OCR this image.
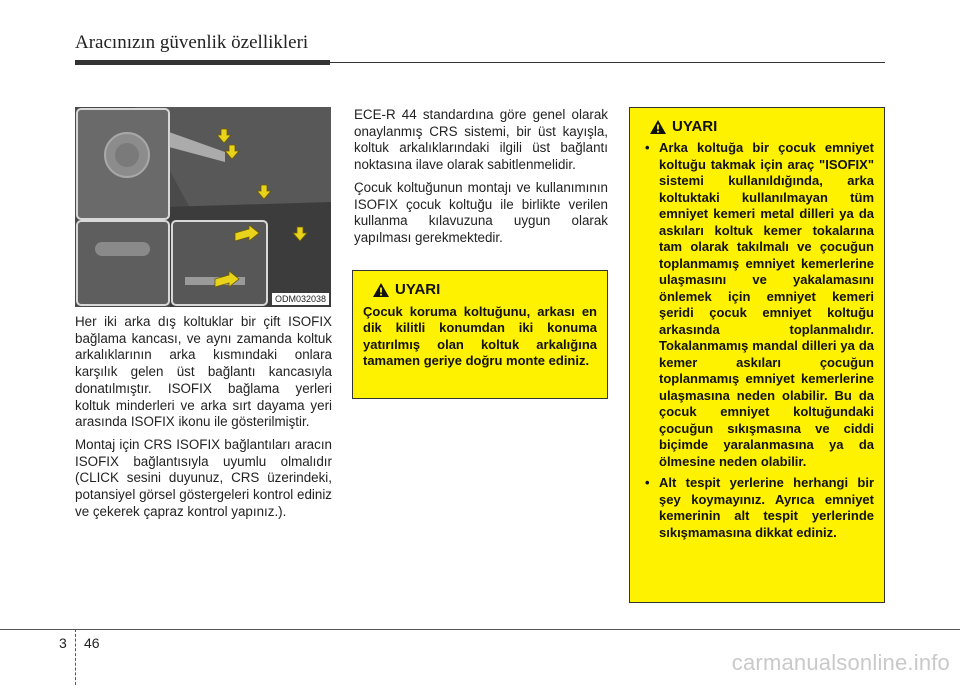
Aracınızın güvenlik özellikleri
ODM032038

Her iki arka dış koltuklar bir çift ISOFIX bağlama kancası, ve aynı zamanda koltuk arkalıklarının arka kısmındaki onlara karşılık gelen üst bağlantı kancasıyla donatılmıştır. ISOFIX bağlama yerleri koltuk minderleri ve arka sırt dayama yeri arasında ISOFIX ikonu ile gösterilmiştir.

Montaj için CRS ISOFIX bağlantıları aracın ISOFIX bağlantısıyla uyumlu olmalıdır (CLICK sesini duyunuz, CRS üzerindeki, potansiyel görsel göstergeleri kontrol ediniz ve çekerek çapraz kontrol yapınız.).

ECE-R 44 standardına göre genel olarak onaylanmış CRS sistemi, bir üst kayışla, koltuk arkalıklarındaki ilgili üst bağlantı noktasına ilave olarak sabitlenmelidir.

Çocuk koltuğunun montajı ve kullanımının ISOFIX çocuk koltuğu ile birlikte verilen kullanma kılavuzuna uygun olarak yapılması gerekmektedir.

UYARI
Çocuk koruma koltuğunu, arkası en dik kilitli konumdan iki konuma yatırılmış olan koltuk arkalığına tamamen geriye doğru monte ediniz.
UYARI
• Arka koltuğa bir çocuk emniyet koltuğu takmak için araç "ISOFIX" sistemi kullanıldığında, arka koltuktaki kullanılmayan tüm emniyet kemeri metal dilleri ya da askıları koltuk kemer tokalarına tam olarak takılmalı ve çocuğun toplanmamış emniyet kemerlerine ulaşmasını ve yakalamasını önlemek için emniyet kemeri şeridi çocuk emniyet koltuğu arkasında toplanmalıdır. Tokalanmamış mandal dilleri ya da kemer askıları çocuğun toplanmamış emniyet kemerlerine ulaşmasına neden olabilir. Bu da çocuk emniyet koltuğundaki çocuğun sıkışmasına ve ciddi biçimde yaralanmasına ya da ölmesine neden olabilir.
• Alt tespit yerlerine herhangi bir şey koymayınız. Ayrıca emniyet kemerinin alt tespit yerlerinde sıkışmamasına dikkat ediniz.
3 46
carmanualsonline.info
